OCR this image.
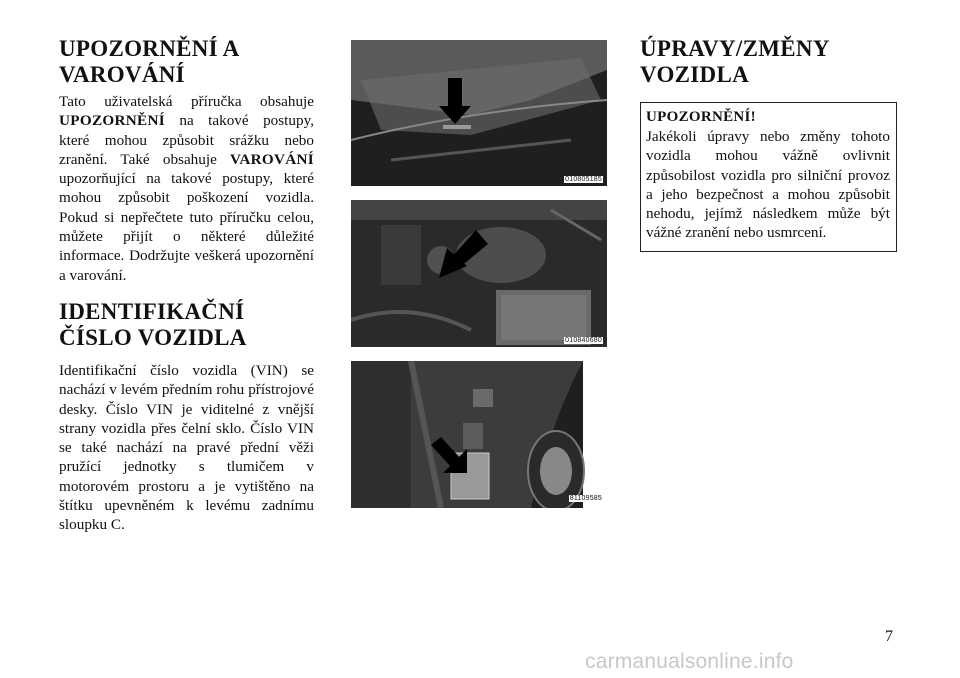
UPOZORNĚNÍ A VAROVÁNÍ

Tato uživatelská příručka obsahuje UPOZORNĚNÍ na takové postupy, které mohou způsobit srážku nebo zranění. Také obsahuje VAROVÁNÍ upozorňující na takové postupy, které mohou způsobit poškození vozidla. Pokud si nepřečtete tuto příručku celou, můžete přijít o některé důležité informace. Dodržujte veškerá upozornění a varování.

IDENTIFIKAČNÍ ČÍSLO VOZIDLA

Identifikační číslo vozidla (VIN) se nachází v levém předním rohu přístrojové desky. Číslo VIN je viditelné z vnější strany vozidla přes čelní sklo. Číslo VIN se také nachází na pravé přední věži pružící jednotky s tlumičem v motorovém prostoru a je vytištěno na štítku upevněném k levému zadnímu sloupku C.

010805185
010840680
81109585
ÚPRAVY/ZMĚNY VOZIDLA
UPOZORNĚNÍ!

Jakékoli úpravy nebo změny tohoto vozidla mohou vážně ovlivnit způsobilost vozidla pro silniční provoz a jeho bezpečnost a mohou způsobit nehodu, jejímž následkem může být vážné zranění nebo usmrcení.

7
carmanualsonline.info
